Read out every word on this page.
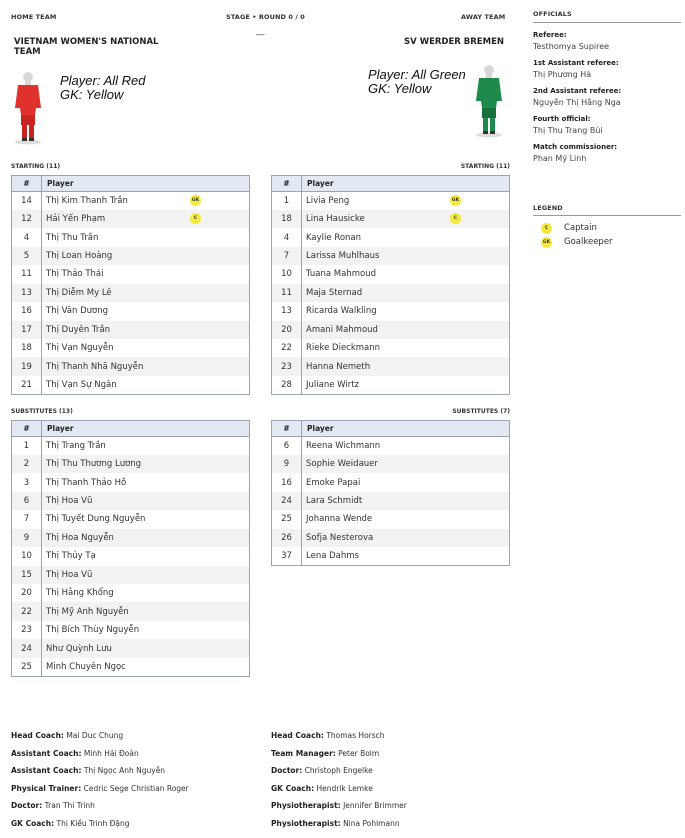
HOME TEAM	STAGE • ROUND 0 / 0	AWAY TEAM
—
VIETNAM WOMEN'S NATIONAL TEAM
Player: All Red
GK: Yellow
SV WERDER BREMEN
Player: All Green
GK: Yellow
STARTING (11)	STARTING (11)
#	Player
14	Thị Kim Thanh Trần GK

12	Hải Yến Phạm C

4	Thị Thu Trần
5	Thị Loan Hoàng
11	Thị Thảo Thái
13	Thị Diễm My Lê
16	Thị Vân Dương
17	Thị Duyên Trần
18	Thị Vạn Nguyễn
19	Thị Thanh Nhã Nguyễn
21	Thị Vạn Sự Ngân
#	Player
1	Livia Peng GK

18	Lina Hausicke C

4	Kaylie Ronan
7	Larissa Muhlhaus
10	Tuana Mahmoud
11	Maja Sternad
13	Ricarda Walkling
20	Amani Mahmoud
22	Rieke Dieckmann
23	Hanna Nemeth
28	Juliane Wirtz
SUBSTITUTES (13)	SUBSTITUTES (7)
#	Player
1	Thị Trang Trần
2	Thị Thu Thương Lương
3	Thị Thanh Thảo Hồ
6	Thị Hoa Vũ
7	Thị Tuyết Dung Nguyễn
9	Thị Hoa Nguyễn
10	Thị Thủy Tạ
15	Thị Hoa Vũ
20	Thị Hằng Khổng
22	Thị Mỹ Anh Nguyễn
23	Thị Bích Thùy Nguyễn
24	Như Quỳnh Lưu
25	Minh Chuyên Ngọc
#	Player
6	Reena Wichmann
9	Sophie Weidauer
16	Emoke Papai
24	Lara Schmidt
25	Johanna Wende
26	Sofja Nesterova
37	Lena Dahms
OFFICIALS
Referee:
Testhomya Supiree
1st Assistant referee:
Thị Phương Hà
2nd Assistant referee:
Nguyễn Thị Hằng Nga
Fourth official:
Thị Thu Trang Bùi
Match commissioner:
Phan Mỹ Linh
LEGEND
C	Captain
GK Goalkeeper
Head Coach: Mai Duc Chung
Assistant Coach: Minh Hải Đoàn
Assistant Coach: Thị Ngọc Anh Nguyễn
Physical Trainer: Cedric Sege Christian Roger
Doctor: Tran Thi Trinh
GK Coach: Thị Kiều Trinh Đặng
Head Coach: Thomas Horsch
Team Manager: Peter Bolm
Doctor: Christoph Engelke
GK Coach: Hendrik Lemke
Physiotherapist: Jennifer Brimmer
Physiotherapist: Nina Pohlmann
